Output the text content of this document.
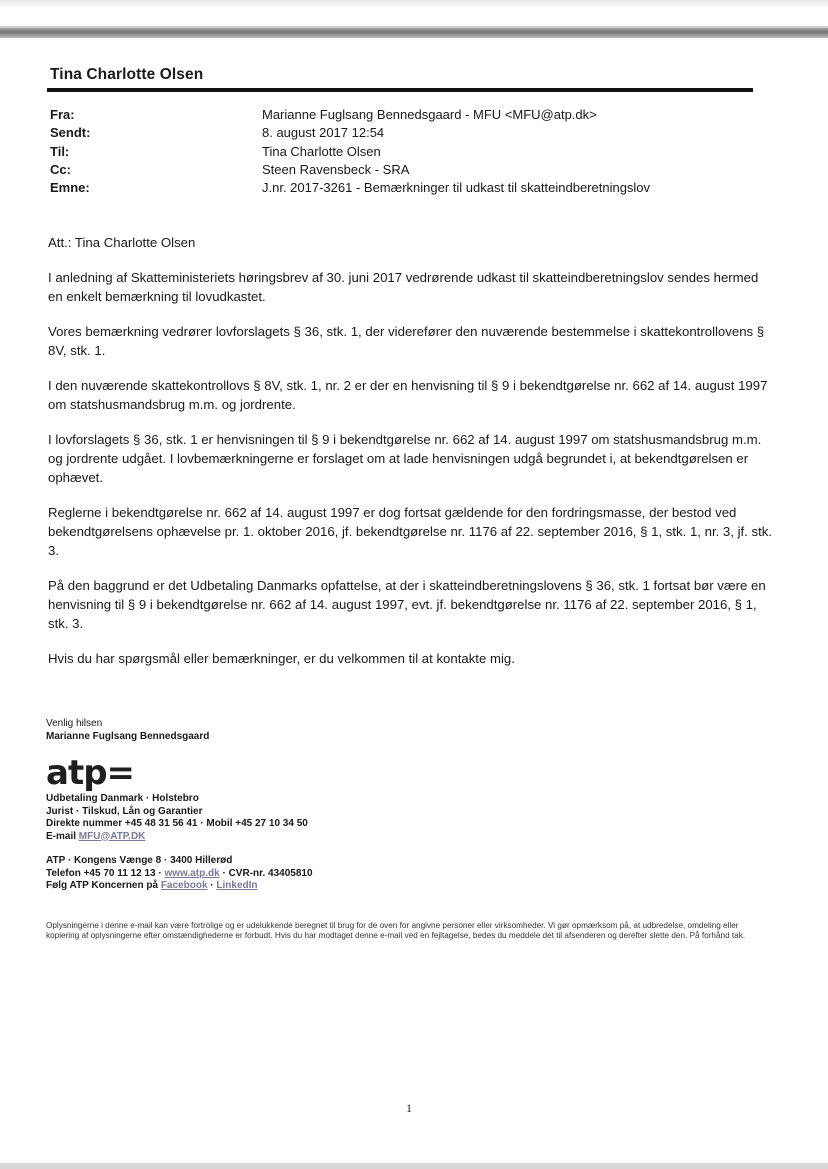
Tina Charlotte Olsen
Fra:	Marianne Fuglsang Bennedsgaard - MFU <MFU@atp.dk>
Sendt:	8. august 2017 12:54
Til:	Tina Charlotte Olsen
Cc:	Steen Ravensbeck - SRA
Emne:	J.nr. 2017-3261 - Bemærkninger til udkast til skatteindberetningslov

Att.: Tina Charlotte Olsen

I anledning af Skatteministeriets høringsbrev af 30. juni 2017 vedrørende udkast til skatteindberetningslov sendes hermed en enkelt bemærkning til lovudkastet.

Vores bemærkning vedrører lovforslagets § 36, stk. 1, der viderefører den nuværende bestemmelse i skattekontrollovens § 8V, stk. 1.

I den nuværende skattekontrollovs § 8V, stk. 1, nr. 2 er der en henvisning til § 9 i bekendtgørelse nr. 662 af 14. august 1997 om statshusmandsbrug m.m. og jordrente.

I lovforslagets § 36, stk. 1 er henvisningen til § 9 i bekendtgørelse nr. 662 af 14. august 1997 om statshusmandsbrug m.m. og jordrente udgået. I lovbemærkningerne er forslaget om at lade henvisningen udgå begrundet i, at bekendtgørelsen er ophævet.

Reglerne i bekendtgørelse nr. 662 af 14. august 1997 er dog fortsat gældende for den fordringsmasse, der bestod ved bekendtgørelsens ophævelse pr. 1. oktober 2016, jf. bekendtgørelse nr. 1176 af 22. september 2016, § 1, stk. 1, nr. 3, jf. stk. 3.

På den baggrund er det Udbetaling Danmarks opfattelse, at der i skatteindberetningslovens § 36, stk. 1 fortsat bør være en henvisning til § 9 i bekendtgørelse nr. 662 af 14. august 1997, evt. jf. bekendtgørelse nr. 1176 af 22. september 2016, § 1, stk. 3.

Hvis du har spørgsmål eller bemærkninger, er du velkommen til at kontakte mig.

Venlig hilsen
Marianne Fuglsang Bennedsgaard
atp=
Udbetaling Danmark · Holstebro
Jurist · Tilskud, Lån og Garantier
Direkte nummer +45 48 31 56 41 · Mobil +45 27 10 34 50
E-mail MFU@ATP.DK
ATP · Kongens Vænge 8 · 3400 Hillerød
Telefon +45 70 11 12 13 · www.atp.dk · CVR-nr. 43405810
Følg ATP Koncernen på Facebook · LinkedIn
Oplysningerne i denne e-mail kan være fortrolige og er udelukkende beregnet til brug for de oven for angivne personer eller virksomheder. Vi gør opmærksom på, at udbredelse, omdeling eller kopiering af oplysningerne efter omstændighederne er forbudt. Hvis du har modtaget denne e-mail ved en fejltagelse, bedes du meddele det til afsenderen og derefter slette den. På forhånd tak.
1
